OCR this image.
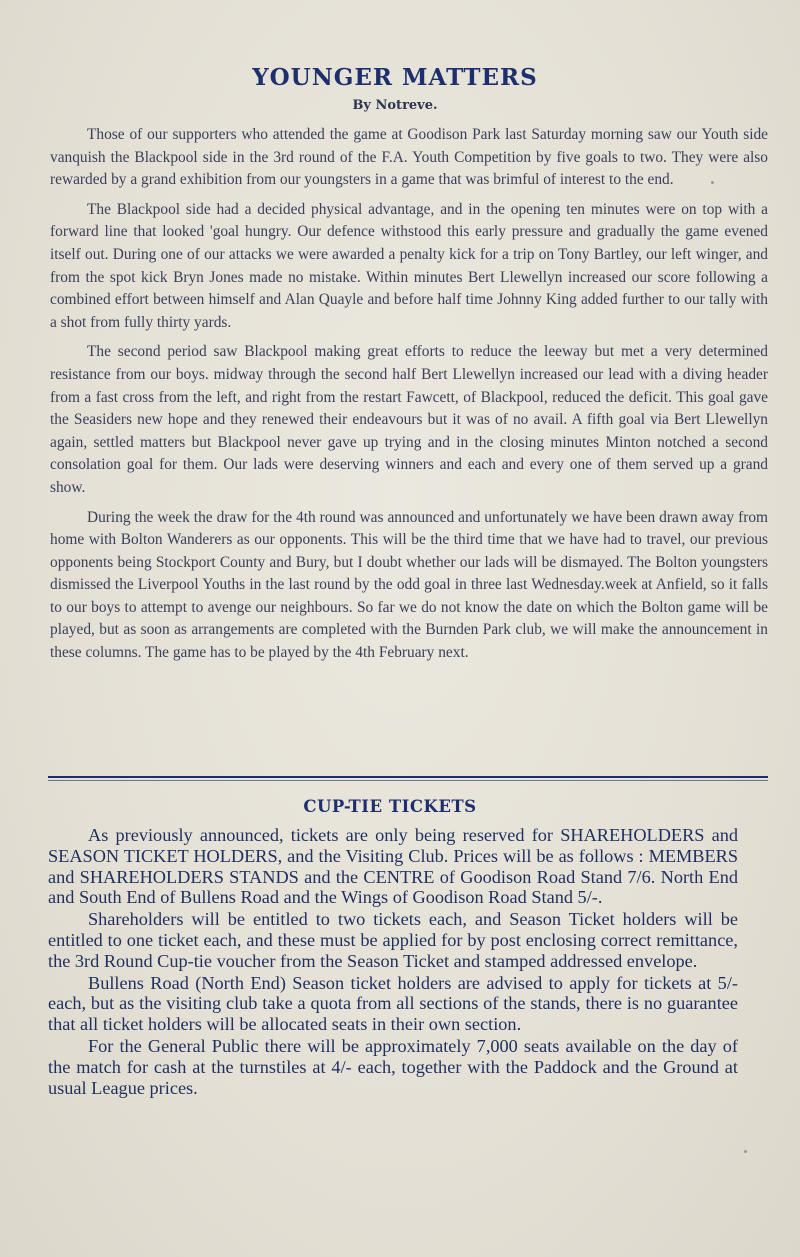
YOUNGER MATTERS
By Notreve.

Those of our supporters who attended the game at Goodison Park last Saturday morning saw our Youth side vanquish the Blackpool side in the 3rd round of the F.A. Youth Competition by five goals to two. They were also rewarded by a grand exhibition from our youngsters in a game that was brimful of interest to the end.

The Blackpool side had a decided physical advantage, and in the opening ten minutes were on top with a forward line that looked 'goal hungry. Our defence withstood this early pressure and gradually the game evened itself out. During one of our attacks we were awarded a penalty kick for a trip on Tony Bartley, our left winger, and from the spot kick Bryn Jones made no mistake. Within minutes Bert Llewellyn increased our score following a combined effort between himself and Alan Quayle and before half time Johnny King added further to our tally with a shot from fully thirty yards.

The second period saw Blackpool making great efforts to reduce the leeway but met a very determined resistance from our boys. midway through the second half Bert Llewellyn increased our lead with a diving header from a fast cross from the left, and right from the restart Fawcett, of Blackpool, reduced the deficit. This goal gave the Seasiders new hope and they renewed their endeavours but it was of no avail. A fifth goal via Bert Llewellyn again, settled matters but Blackpool never gave up trying and in the closing minutes Minton notched a second consolation goal for them. Our lads were deserving winners and each and every one of them served up a grand show.

During the week the draw for the 4th round was announced and unfortunately we have been drawn away from home with Bolton Wanderers as our opponents. This will be the third time that we have had to travel, our previous opponents being Stockport County and Bury, but I doubt whether our lads will be dismayed. The Bolton youngsters dismissed the Liverpool Youths in the last round by the odd goal in three last Wednesday.week at Anfield, so it falls to our boys to attempt to avenge our neighbours. So far we do not know the date on which the Bolton game will be played, but as soon as arrangements are completed with the Burnden Park club, we will make the announcement in these columns. The game has to be played by the 4th February next.

CUP-TIE TICKETS

As previously announced, tickets are only being reserved for SHAREHOLDERS and SEASON TICKET HOLDERS, and the Visiting Club. Prices will be as follows : MEMBERS and SHAREHOLDERS STANDS and the CENTRE of Goodison Road Stand 7/6. North End and South End of Bullens Road and the Wings of Goodison Road Stand 5/-.

Shareholders will be entitled to two tickets each, and Season Ticket holders will be entitled to one ticket each, and these must be applied for by post enclosing correct remittance, the 3rd Round Cup-tie voucher from the Season Ticket and stamped addressed envelope.

Bullens Road (North End) Season ticket holders are advised to apply for tickets at 5/- each, but as the visiting club take a quota from all sections of the stands, there is no guarantee that all ticket holders will be allocated seats in their own section.

For the General Public there will be approximately 7,000 seats available on the day of the match for cash at the turnstiles at 4/- each, together with the Paddock and the Ground at usual League prices.
